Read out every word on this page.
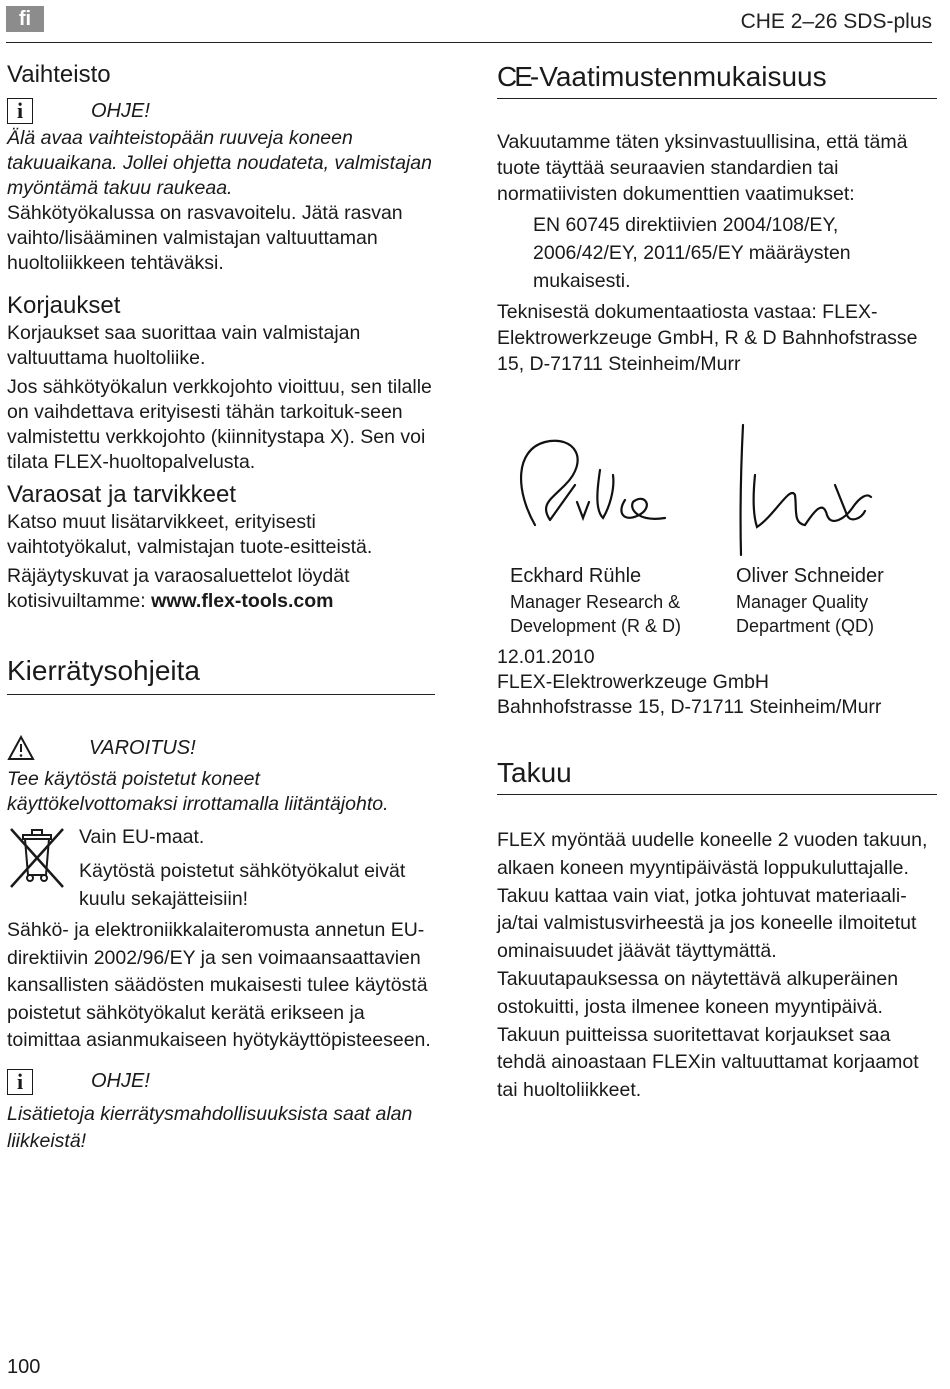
fi	CHE 2–26 SDS-plus
Vaihteisto
i	OHJE!

Älä avaa vaihteistopään ruuveja koneen takuuaikana. Jollei ohjetta noudateta, valmistajan myöntämä takuu raukeaa.

Sähkötyökalussa on rasvavoitelu. Jätä rasvan vaihto/lisääminen valmistajan valtuuttaman huoltoliikkeen tehtäväksi.

Korjaukset

Korjaukset saa suorittaa vain valmistajan valtuuttama huoltoliike.

Jos sähkötyökalun verkkojohto vioittuu, sen tilalle on vaihdettava erityisesti tähän tarkoituk-seen valmistettu verkkojohto (kiinnitystapa X). Sen voi tilata FLEX-huoltopalvelusta.

Varaosat ja tarvikkeet

Katso muut lisätarvikkeet, erityisesti vaihtotyökalut, valmistajan tuote-esitteistä.

Räjäytyskuvat ja varaosaluettelot löydät kotisivuiltamme: www.flex-tools.com

Kierrätysohjeita
VAROITUS!

Tee käytöstä poistetut koneet käyttökelvottomaksi irrottamalla liitäntäjohto.

Vain EU-maat.

Käytöstä poistetut sähkötyökalut eivät kuulu sekajätteisiin!

Sähkö- ja elektroniikkalaiteromusta annetun EU-direktiivin 2002/96/EY ja sen voimaansaattavien kansallisten säädösten mukaisesti tulee käytöstä poistetut sähkötyökalut kerätä erikseen ja toimittaa asianmukaiseen hyötykäyttöpisteeseen.

i	OHJE!

Lisätietoja kierrätysmahdollisuuksista saat alan liikkeistä!

CE-Vaatimustenmukaisuus

Vakuutamme täten yksinvastuullisina, että tämä tuote täyttää seuraavien standardien tai normatiivisten dokumenttien vaatimukset:

EN 60745 direktiivien 2004/108/EY, 2006/42/EY, 2011/65/EY määräysten mukaisesti.

Teknisestä dokumentaatiosta vastaa: FLEX-Elektrowerkzeuge GmbH, R & D Bahnhofstrasse 15, D-71711 Steinheim/Murr

Eckhard Rühle
Manager Research &
Development (R & D)
Oliver Schneider
Manager Quality
Department (QD)

12.01.2010

FLEX-Elektrowerkzeuge GmbH

Bahnhofstrasse 15, D-71711 Steinheim/Murr

Takuu

FLEX myöntää uudelle koneelle 2 vuoden takuun, alkaen koneen myyntipäivästä loppukuluttajalle. Takuu kattaa vain viat, jotka johtuvat materiaali- ja/tai valmistusvirheestä ja jos koneelle ilmoitetut ominaisuudet jäävät täyttymättä. Takuutapauksessa on näytettävä alkuperäinen ostokuitti, josta ilmenee koneen myyntipäivä. Takuun puitteissa suoritettavat korjaukset saa tehdä ainoastaan FLEXin valtuuttamat korjaamot tai huoltoliikkeet.

100
